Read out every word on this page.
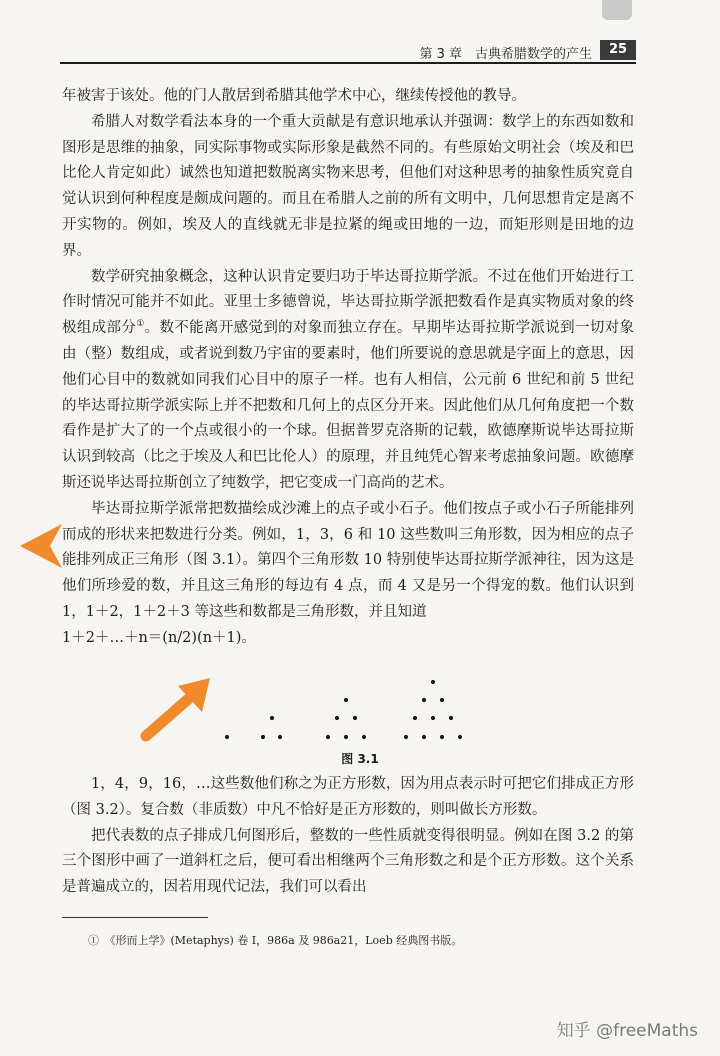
第 3 章　古典希腊数学的产生	25

年被害于该处。他的门人散居到希腊其他学术中心，继续传授他的教导。

希腊人对数学看法本身的一个重大贡献是有意识地承认并强调：数学上的东西如数和图形是思维的抽象，同实际事物或实际形象是截然不同的。有些原始文明社会（埃及和巴比伦人肯定如此）诚然也知道把数脱离实物来思考，但他们对这种思考的抽象性质究竟自觉认识到何种程度是颇成问题的。而且在希腊人之前的所有文明中，几何思想肯定是离不开实物的。例如，埃及人的直线就无非是拉紧的绳或田地的一边，而矩形则是田地的边界。

数学研究抽象概念，这种认识肯定要归功于毕达哥拉斯学派。不过在他们开始进行工作时情况可能并不如此。亚里士多德曾说，毕达哥拉斯学派把数看作是真实物质对象的终极组成部分①。数不能离开感觉到的对象而独立存在。早期毕达哥拉斯学派说到一切对象由（整）数组成，或者说到数乃宇宙的要素时，他们所要说的意思就是字面上的意思，因他们心目中的数就如同我们心目中的原子一样。也有人相信，公元前 6 世纪和前 5 世纪的毕达哥拉斯学派实际上并不把数和几何上的点区分开来。因此他们从几何角度把一个数看作是扩大了的一个点或很小的一个球。但据普罗克洛斯的记载，欧德摩斯说毕达哥拉斯认识到较高（比之于埃及人和巴比伦人）的原理，并且纯凭心智来考虑抽象问题。欧德摩斯还说毕达哥拉斯创立了纯数学，把它变成一门高尚的艺术。

毕达哥拉斯学派常把数描绘成沙滩上的点子或小石子。他们按点子或小石子所能排列而成的形状来把数进行分类。例如，1，3，6 和 10 这些数叫三角形数，因为相应的点子能排列成正三角形（图 3.1）。第四个三角形数 10 特别使毕达哥拉斯学派神往，因为这是他们所珍爱的数，并且这三角形的每边有 4 点，而 4 又是另一个得宠的数。他们认识到 1，1＋2，1＋2＋3 等这些和数都是三角形数，并且知道

1＋2＋…＋n＝(n/2)(n＋1)。

图 3.1

1，4，9，16，…这些数他们称之为正方形数，因为用点表示时可把它们排成正方形（图 3.2）。复合数（非质数）中凡不恰好是正方形数的，则叫做长方形数。

把代表数的点子排成几何图形后，整数的一些性质就变得很明显。例如在图 3.2 的第三个图形中画了一道斜杠之后，便可看出相继两个三角形数之和是个正方形数。这个关系是普遍成立的，因若用现代记法，我们可以看出

①　《形而上学》(Metaphys) 卷 I，986a 及 986a21，Loeb 经典图书版。
知乎 @freeMaths
